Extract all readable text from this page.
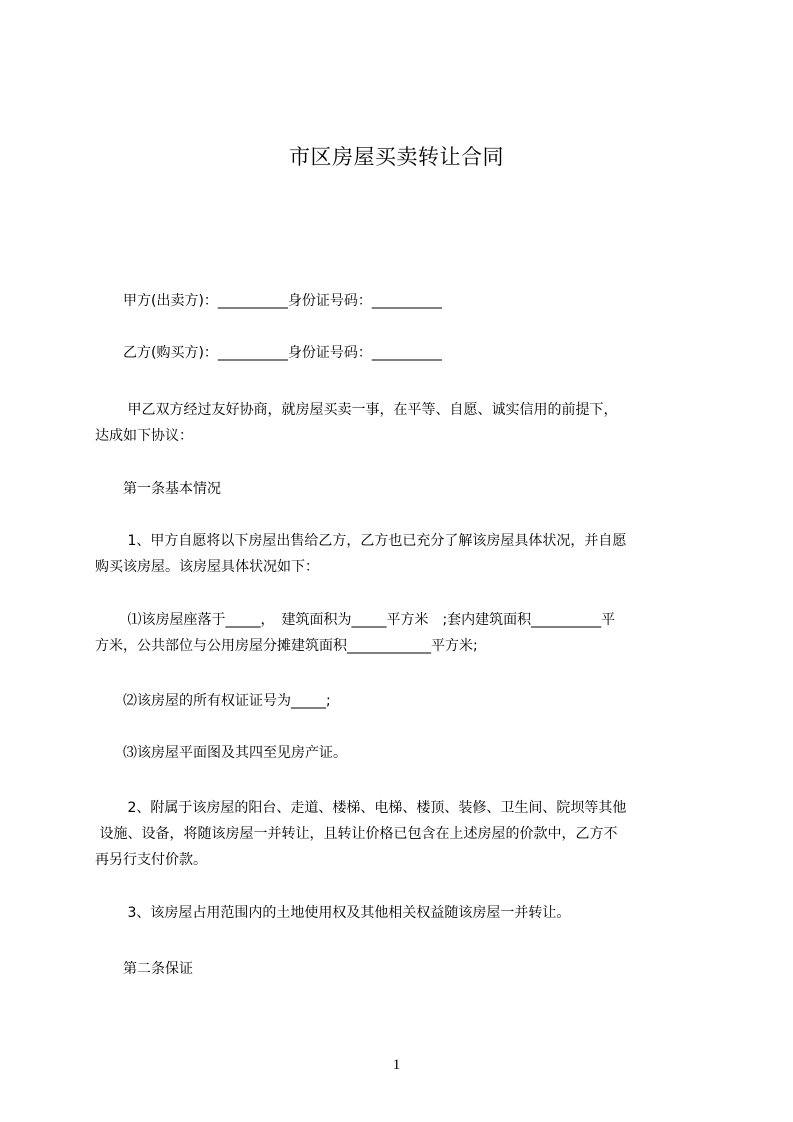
市区房屋买卖转让合同
　　甲方(出卖方)：__________身份证号码：__________
　　乙方(购买方)：__________身份证号码：__________
　　 甲乙双方经过友好协商，就房屋买卖一事，在平等、自愿、诚实信用的前提下，
达成如下协议：
　　第一条基本情况
　　 1、甲方自愿将以下房屋出售给乙方，乙方也已充分了解该房屋具体状况，并自愿
购买该房屋。该房屋具体状况如下：
　　 ⑴该房屋座落于_____，　建筑面积为_____平方米　;套内建筑面积__________平
方米，公共部位与公用房屋分摊建筑面积____________平方米;
　　⑵该房屋的所有权证证号为_____;
　　⑶该房屋平面图及其四至见房产证。
　　 2、附属于该房屋的阳台、走道、楼梯、电梯、楼顶、装修、卫生间、院坝等其他
设施、设备，将随该房屋一并转让，且转让价格已包含在上述房屋的价款中，乙方不
再另行支付价款。
　　 3、该房屋占用范围内的土地使用权及其他相关权益随该房屋一并转让。
　　第二条保证
1
